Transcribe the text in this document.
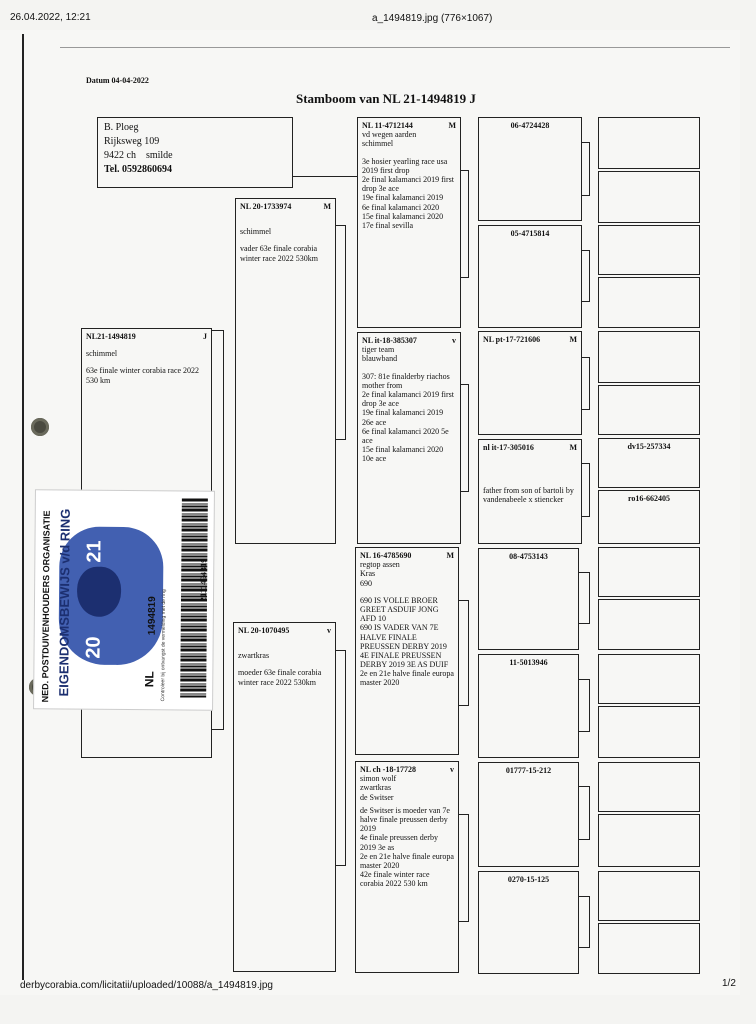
26.04.2022, 12:21	a_1494819.jpg (776×1067)
Datum 04-04-2022
Stamboom van NL 21-1494819 J
B. Ploeg
Rijksweg 109
9422 ch    smilde
Tel. 0592860694
NL21-1494819	J
schimmel
63e finale winter corabia race 2022 530 km
NL 20-1733974	M
schimmel
vader 63e finale corabia winter race 2022 530km
NL 20-1070495	v
zwartkras
moeder 63e finale corabia winter race 2022 530km
NL 11-4712144	M
vd wegen aarden
schimmel
3e hosier yearling race usa 2019 first drop
2e final kalamanci 2019 first drop 3e ace
19e final kalamanci 2019
6e final kalamanci 2020
15e final kalamanci 2020
17e final sevilla
NL it-18-385307	v
tiger team
blauwband
307: 81e finalderby riachos
mother from
2e final kalamanci 2019 first drop 3e ace
19e final kalamanci 2019 26e ace
6e final kalamanci 2020 5e ace
15e final kalamanci 2020 10e ace
NL 16-4785690	M
regtop assen
Kras
690
690 IS VOLLE BROER GREET ASDUIF JONG AFD 10
690 IS VADER VAN 7E HALVE FINALE PREUSSEN DERBY 2019 4E FINALE PREUSSEN DERBY 2019 3E AS DUIF
2e en 21e halve finale europa master 2020
NL ch -18-17728	v
simon wolf
zwartkras
de Switser
de Switser is moeder van 7e halve finale preussen derby 2019
4e finale preussen derby 2019 3e as
2e en 21e halve finale europa master 2020
42e finale winter race corabia 2022 530 km
06-4724428
05-4715814
NL pt-17-721606	M
nl it-17-305016	M
father from son of bartoli by vandenabeele x stiencker
08-4753143
11-5013946
01777-15-212
0270-15-125
dv15-257334
ro16-662405
NED. POSTDUIVENHOUDERS ORGANISATIE EIGENDOMSBEWIJS v/d RING 20
21
NL
1494819 Controleer bij ontvangst de vermelding met de ring
2111494819
derbycorabia.com/licitatii/uploaded/10088/a_1494819.jpg	1/2
